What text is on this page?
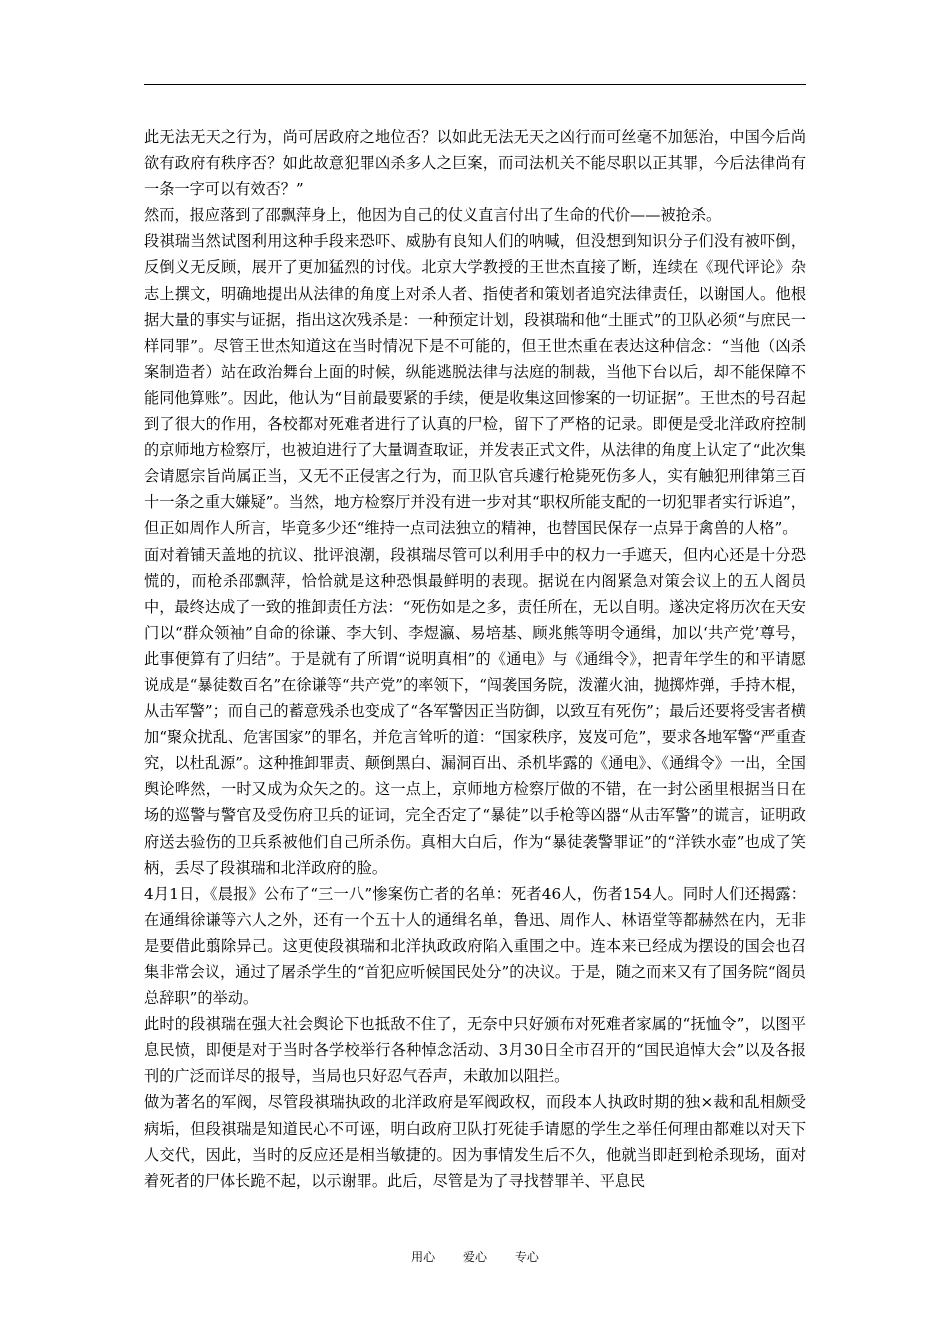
此无法无天之行为，尚可居政府之地位否？以如此无法无天之凶行而可丝毫不加惩治，中国今后尚欲有政府有秩序否？如此故意犯罪凶杀多人之巨案，而司法机关不能尽职以正其罪，今后法律尚有一条一字可以有效否？”

然而，报应落到了邵飘萍身上，他因为自己的仗义直言付出了生命的代价——被抢杀。

段祺瑞当然试图利用这种手段来恐吓、威胁有良知人们的呐喊，但没想到知识分子们没有被吓倒，反倒义无反顾，展开了更加猛烈的讨伐。北京大学教授的王世杰直接了断，连续在《现代评论》杂志上撰文，明确地提出从法律的角度上对杀人者、指使者和策划者追究法律责任，以谢国人。他根据大量的事实与证据，指出这次残杀是：一种预定计划，段祺瑞和他“土匪式”的卫队必须“与庶民一样同罪”。尽管王世杰知道这在当时情况下是不可能的，但王世杰重在表达这种信念：“当他（凶杀案制造者）站在政治舞台上面的时候，纵能逃脱法律与法庭的制裁，当他下台以后，却不能保障不能同他算账”。因此，他认为“目前最要紧的手续，便是收集这回惨案的一切证据”。王世杰的号召起到了很大的作用，各校都对死难者进行了认真的尸检，留下了严格的记录。即便是受北洋政府控制的京师地方检察厅，也被迫进行了大量调查取证，并发表正式文件，从法律的角度上认定了“此次集会请愿宗旨尚属正当，又无不正侵害之行为，而卫队官兵遽行枪毙死伤多人，实有触犯刑律第三百十一条之重大嫌疑”。当然，地方检察厅并没有进一步对其“职权所能支配的一切犯罪者实行诉追”，但正如周作人所言，毕竟多少还“维持一点司法独立的精神，也替国民保存一点异于禽兽的人格”。

面对着铺天盖地的抗议、批评浪潮，段祺瑞尽管可以利用手中的权力一手遮天，但内心还是十分恐慌的，而枪杀邵飘萍，恰恰就是这种恐惧最鲜明的表现。据说在内阁紧急对策会议上的五人阁员中，最终达成了一致的推卸责任方法：“死伤如是之多，责任所在，无以自明。遂决定将历次在天安门以“群众领袖”自命的徐谦、李大钊、李煜瀛、易培基、顾兆熊等明令通缉，加以‘共产党’尊号，此事便算有了归结”。于是就有了所谓“说明真相”的《通电》与《通缉令》，把青年学生的和平请愿说成是“暴徒数百名”在徐谦等“共产党”的率领下，“闯袭国务院，泼灌火油，抛掷炸弹，手持木棍，从击军警”；而自己的蓄意残杀也变成了“各军警因正当防御，以致互有死伤”；最后还要将受害者横加“聚众扰乱、危害国家”的罪名，并危言耸听的道：“国家秩序，岌岌可危”，要求各地军警“严重查究，以杜乱源”。这种推卸罪责、颠倒黑白、漏洞百出、杀机毕露的《通电》、《通缉令》一出，全国舆论哗然，一时又成为众矢之的。这一点上，京师地方检察厅做的不错，在一封公函里根据当日在场的巡警与警官及受伤府卫兵的证词，完全否定了“暴徒”以手枪等凶器“从击军警”的谎言，证明政府送去验伤的卫兵系被他们自己所杀伤。真相大白后，作为“暴徒袭警罪证”的“洋铁水壶”也成了笑柄，丢尽了段祺瑞和北洋政府的脸。

4月1日，《晨报》公布了“三一八”惨案伤亡者的名单：死者46人，伤者154人。同时人们还揭露：在通缉徐谦等六人之外，还有一个五十人的通缉名单，鲁迅、周作人、林语堂等都赫然在内，无非是要借此翦除异己。这更使段祺瑞和北洋执政政府陷入重围之中。连本来已经成为摆设的国会也召集非常会议，通过了屠杀学生的“首犯应听候国民处分”的决议。于是，随之而来又有了国务院“阁员总辞职”的举动。

此时的段祺瑞在强大社会舆论下也抵敌不住了，无奈中只好颁布对死难者家属的“抚恤令”，以图平息民愤，即便是对于当时各学校举行各种悼念活动、3月30日全市召开的“国民追悼大会”以及各报刊的广泛而详尽的报导，当局也只好忍气吞声，未敢加以阻拦。

做为著名的军阀，尽管段祺瑞执政的北洋政府是军阀政权，而段本人执政时期的独×裁和乱相颇受病垢，但段祺瑞是知道民心不可诬，明白政府卫队打死徒手请愿的学生之举任何理由都难以对天下人交代，因此，当时的反应还是相当敏捷的。因为事情发生后不久，他就当即赶到枪杀现场，面对着死者的尸体长跪不起，以示谢罪。此后，尽管是为了寻找替罪羊、平息民

用心 爱心 专心
